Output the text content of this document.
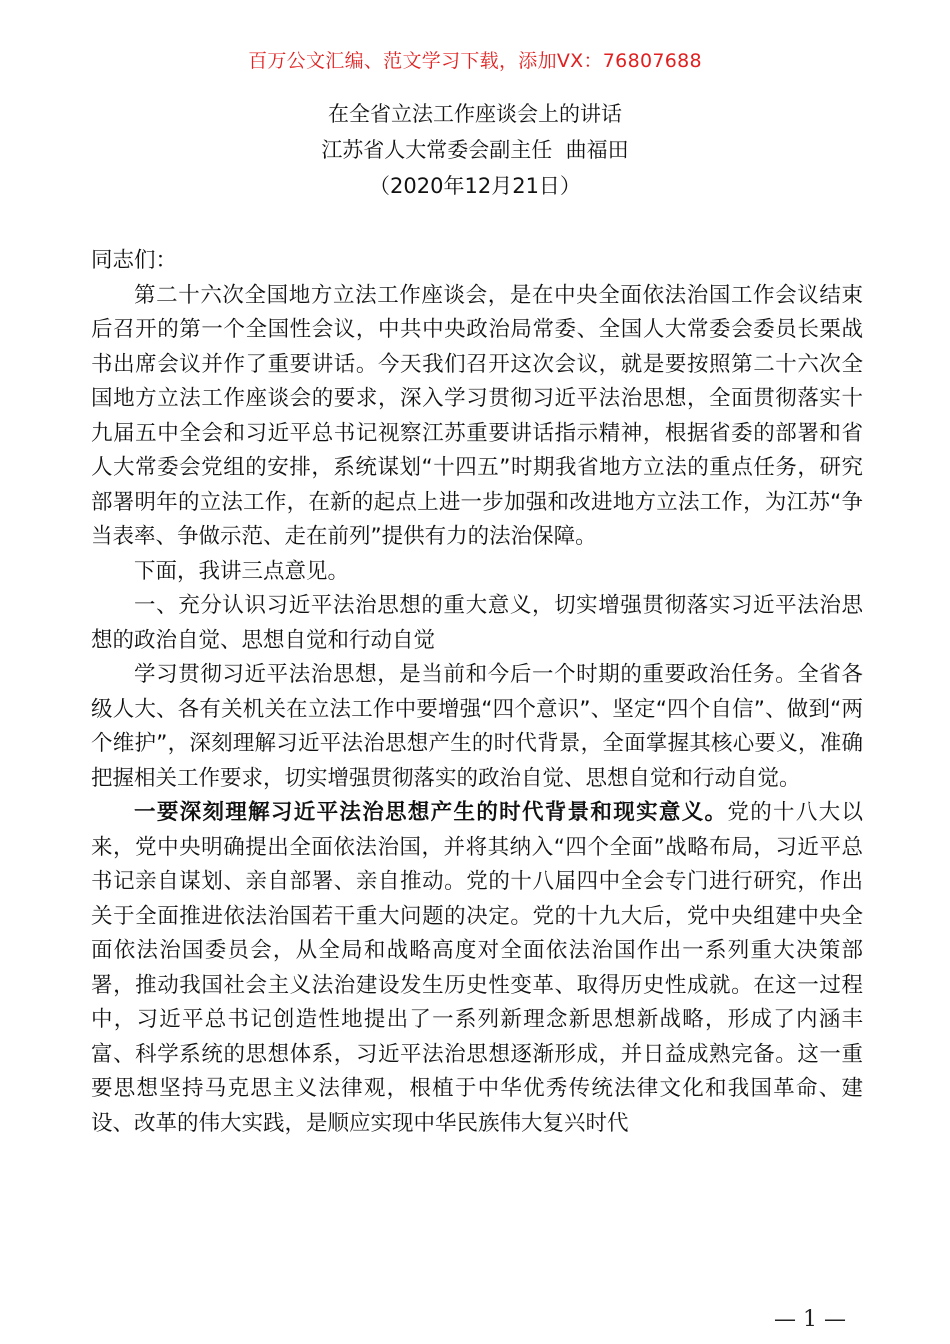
百万公文汇编、范文学习下载，添加VX：76807688
在全省立法工作座谈会上的讲话
江苏省人大常委会副主任  曲福田
（2020年12月21日）

同志们：

第二十六次全国地方立法工作座谈会，是在中央全面依法治国工作会议结束后召开的第一个全国性会议，中共中央政治局常委、全国人大常委会委员长栗战书出席会议并作了重要讲话。今天我们召开这次会议，就是要按照第二十六次全国地方立法工作座谈会的要求，深入学习贯彻习近平法治思想，全面贯彻落实十九届五中全会和习近平总书记视察江苏重要讲话指示精神，根据省委的部署和省人大常委会党组的安排，系统谋划“十四五”时期我省地方立法的重点任务，研究部署明年的立法工作，在新的起点上进一步加强和改进地方立法工作，为江苏“争当表率、争做示范、走在前列”提供有力的法治保障。

下面，我讲三点意见。

一、充分认识习近平法治思想的重大意义，切实增强贯彻落实习近平法治思想的政治自觉、思想自觉和行动自觉

学习贯彻习近平法治思想，是当前和今后一个时期的重要政治任务。全省各级人大、各有关机关在立法工作中要增强“四个意识”、坚定“四个自信”、做到“两个维护”，深刻理解习近平法治思想产生的时代背景，全面掌握其核心要义，准确把握相关工作要求，切实增强贯彻落实的政治自觉、思想自觉和行动自觉。

一要深刻理解习近平法治思想产生的时代背景和现实意义。党的十八大以来，党中央明确提出全面依法治国，并将其纳入“四个全面”战略布局，习近平总书记亲自谋划、亲自部署、亲自推动。党的十八届四中全会专门进行研究，作出关于全面推进依法治国若干重大问题的决定。党的十九大后，党中央组建中央全面依法治国委员会，从全局和战略高度对全面依法治国作出一系列重大决策部署，推动我国社会主义法治建设发生历史性变革、取得历史性成就。在这一过程中，习近平总书记创造性地提出了一系列新理念新思想新战略，形成了内涵丰富、科学系统的思想体系，习近平法治思想逐渐形成，并日益成熟完备。这一重要思想坚持马克思主义法律观，根植于中华优秀传统法律文化和我国革命、建设、改革的伟大实践，是顺应实现中华民族伟大复兴时代

— 1 —
